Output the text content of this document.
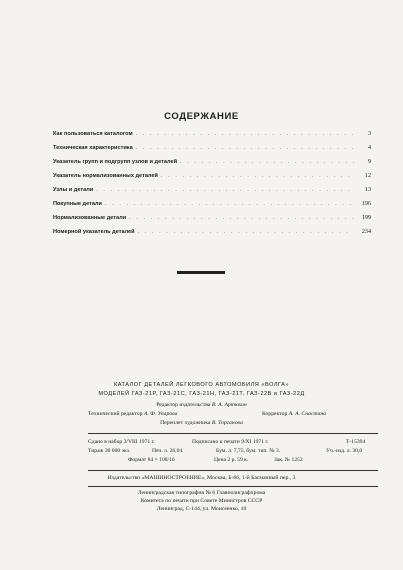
СОДЕРЖАНИЕ
Как пользоваться каталогом . . .	3
Техническая характеристика . . .	4
Указатель групп и подгрупп узлов и деталей . . .	9
Указатель нормализованных деталей . . .	12
Узлы и детали . . .	13
Покупные детали . . .	196
Нормализованные детали . . .	199
Номерной указатель деталей . . .	234
КАТАЛОГ ДЕТАЛЕЙ ЛЕГКОВОГО АВТОМОБИЛЯ «ВОЛГА»
МОДЕЛЕЙ ГАЗ-21Р, ГАЗ-21С, ГАЗ-21Н, ГАЗ-21Т, ГАЗ-22В и ГАЗ-22Д
Редактор издательства В. А. Артюхин
Технический редактор А. Ф. Уварова	Корректор А. А. Снастина
Переплет художника В. Торганова
Сдано в набор 3/VIII 1971 г.	Подписано к печати 9/XI 1971 г.	Т-15394
Тираж 30 000 экз.	Печ. л. 26,04.	Бум. л. 7,75, бум. тип. № 3.	Уч.-изд. л. 30,0
Формат 84 × 108/16	Цена 2 р. 59 к.	Зак. № 1252
Издательство «МАШИНОСТРОЕНИЕ», Москва, Б-66, 1-й Басманный пер., 3
Ленинградская типография № 6 Главполиграфпрома
Комитета по печати при Совете Министров СССР
Ленинград, С-144, ул. Моисеенко, 10
